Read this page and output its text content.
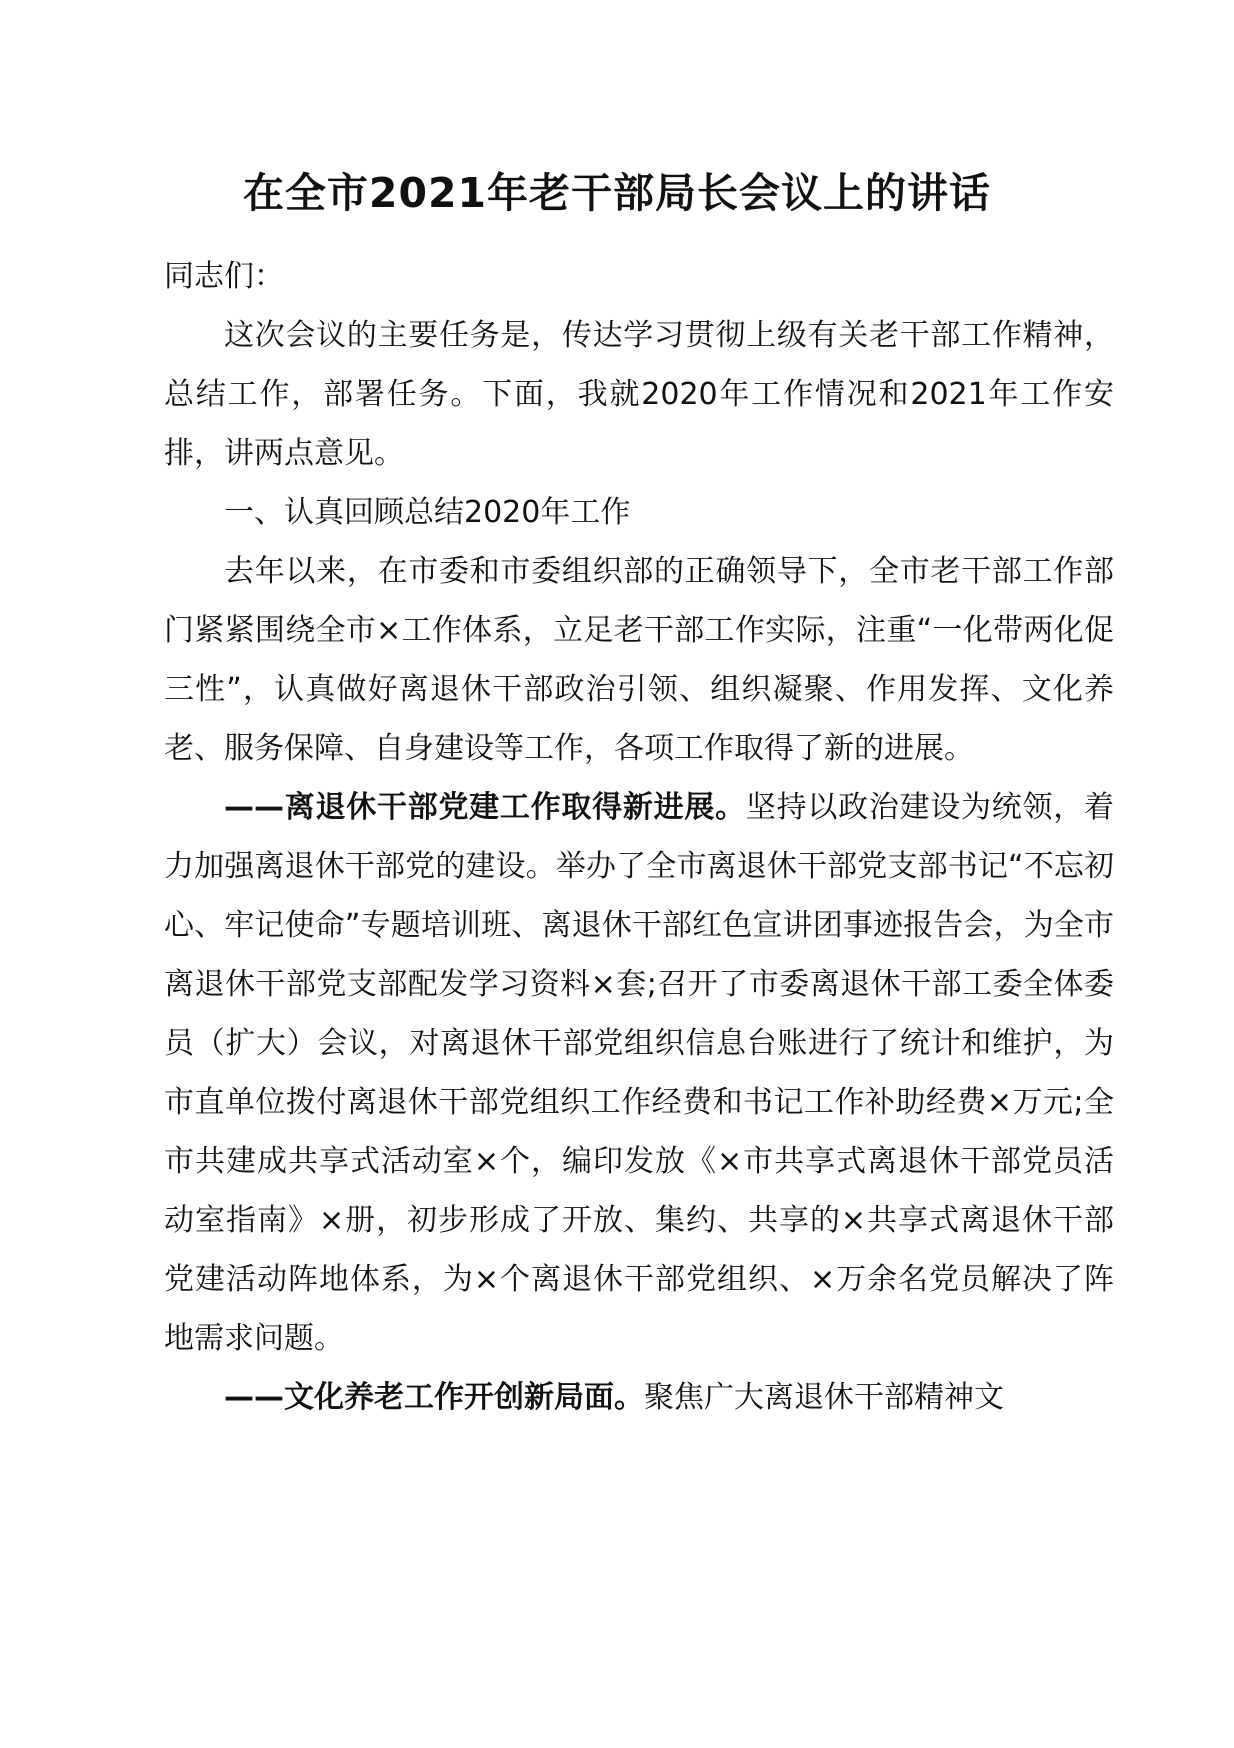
在全市2021年老干部局长会议上的讲话

同志们：

这次会议的主要任务是，传达学习贯彻上级有关老干部工作精神，总结工作，部署任务。下面，我就2020年工作情况和2021年工作安排，讲两点意见。

一、认真回顾总结2020年工作

去年以来，在市委和市委组织部的正确领导下，全市老干部工作部门紧紧围绕全市×工作体系，立足老干部工作实际，注重“一化带两化促三性”，认真做好离退休干部政治引领、组织凝聚、作用发挥、文化养老、服务保障、自身建设等工作，各项工作取得了新的进展。

——离退休干部党建工作取得新进展。坚持以政治建设为统领，着力加强离退休干部党的建设。举办了全市离退休干部党支部书记“不忘初心、牢记使命”专题培训班、离退休干部红色宣讲团事迹报告会，为全市离退休干部党支部配发学习资料×套;召开了市委离退休干部工委全体委员（扩大）会议，对离退休干部党组织信息台账进行了统计和维护，为市直单位拨付离退休干部党组织工作经费和书记工作补助经费×万元;全市共建成共享式活动室×个，编印发放《×市共享式离退休干部党员活动室指南》×册，初步形成了开放、集约、共享的×共享式离退休干部党建活动阵地体系，为×个离退休干部党组织、×万余名党员解决了阵地需求问题。

——文化养老工作开创新局面。聚焦广大离退休干部精神文
